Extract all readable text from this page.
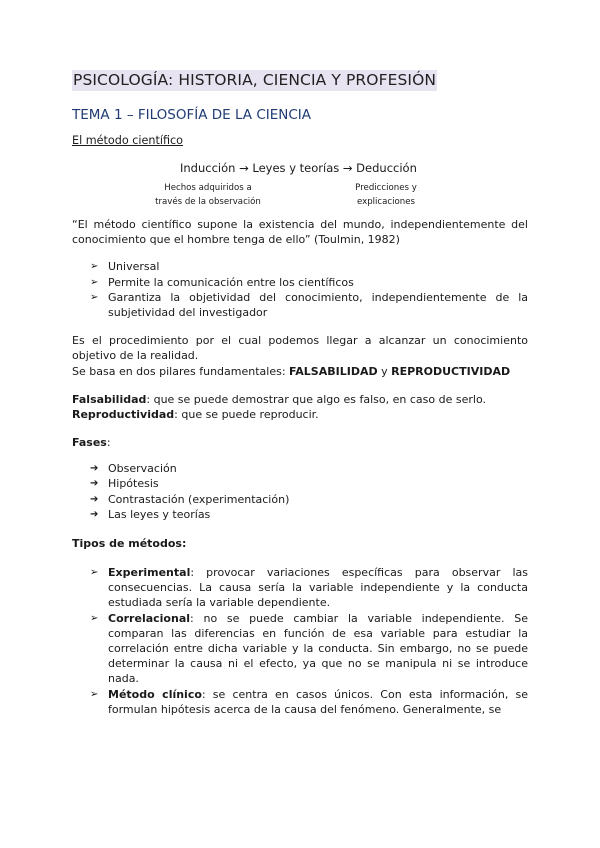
PSICOLOGÍA: HISTORIA, CIENCIA Y PROFESIÓN
TEMA 1 – FILOSOFÍA DE LA CIENCIA
El método científico
Inducción → Leyes y teorías → Deducción
Hechos adquiridos a
través de la observación
Predicciones y
explicaciones

“El método científico supone la existencia del mundo, independientemente del conocimiento que el hombre tenga de ello” (Toulmin, 1982)

➢ Universal
➢ Permite la comunicación entre los científicos
➢ Garantiza la objetividad del conocimiento, independientemente de la subjetividad del investigador

Es el procedimiento por el cual podemos llegar a alcanzar un conocimiento objetivo de la realidad.

Se basa en dos pilares fundamentales: FALSABILIDAD y REPRODUCTIVIDAD

Falsabilidad: que se puede demostrar que algo es falso, en caso de serlo.

Reproductividad: que se puede reproducir.

Fases:
➔ Observación
➔ Hipótesis
➔ Contrastación (experimentación)
➔ Las leyes y teorías
Tipos de métodos:
➢ Experimental: provocar variaciones específicas para observar las consecuencias. La causa sería la variable independiente y la conducta estudiada sería la variable dependiente.
➢ Correlacional: no se puede cambiar la variable independiente. Se comparan las diferencias en función de esa variable para estudiar la correlación entre dicha variable y la conducta. Sin embargo, no se puede determinar la causa ni el efecto, ya que no se manipula ni se introduce nada.
➢ Método clínico: se centra en casos únicos. Con esta información, se formulan hipótesis acerca de la causa del fenómeno. Generalmente, se
